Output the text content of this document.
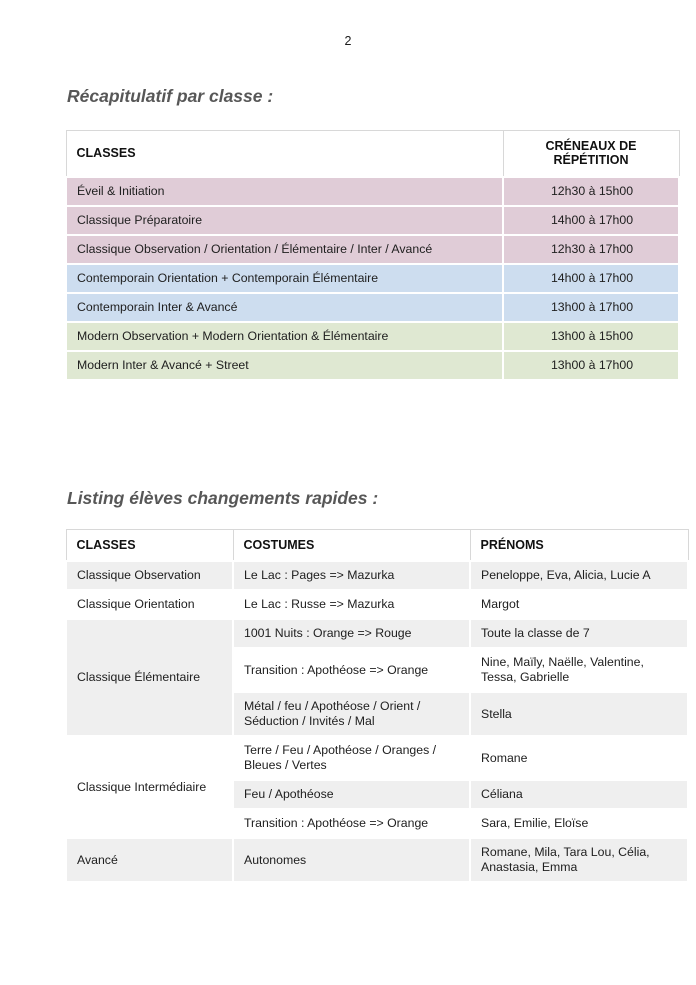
2
Récapitulatif par classe :
CLASSES	CRÉNEAUX DE RÉPÉTITION
Éveil & Initiation	12h30 à 15h00
Classique Préparatoire	14h00 à 17h00
Classique Observation / Orientation / Élémentaire / Inter / Avancé	12h30 à 17h00
Contemporain Orientation + Contemporain Élémentaire	14h00 à 17h00
Contemporain Inter & Avancé	13h00 à 17h00
Modern Observation + Modern Orientation & Élémentaire	13h00 à 15h00
Modern Inter & Avancé + Street	13h00 à 17h00
Listing élèves changements rapides :
CLASSES	COSTUMES	PRÉNOMS
Classique Observation	Le Lac : Pages => Mazurka	Peneloppe, Eva, Alicia, Lucie A
Classique Orientation	Le Lac : Russe => Mazurka	Margot
Classique Élémentaire	1001 Nuits : Orange => Rouge	Toute la classe de 7
	Transition : Apothéose => Orange	Nine, Maïly, Naëlle, Valentine, Tessa, Gabrielle
	Métal / feu / Apothéose / Orient / Séduction / Invités / Mal	Stella
Classique Intermédiaire	Terre / Feu / Apothéose / Oranges / Bleues / Vertes	Romane
	Feu / Apothéose	Céliana
	Transition : Apothéose => Orange	Sara, Emilie, Eloïse
Avancé	Autonomes	Romane, Mila, Tara Lou, Célia, Anastasia, Emma
